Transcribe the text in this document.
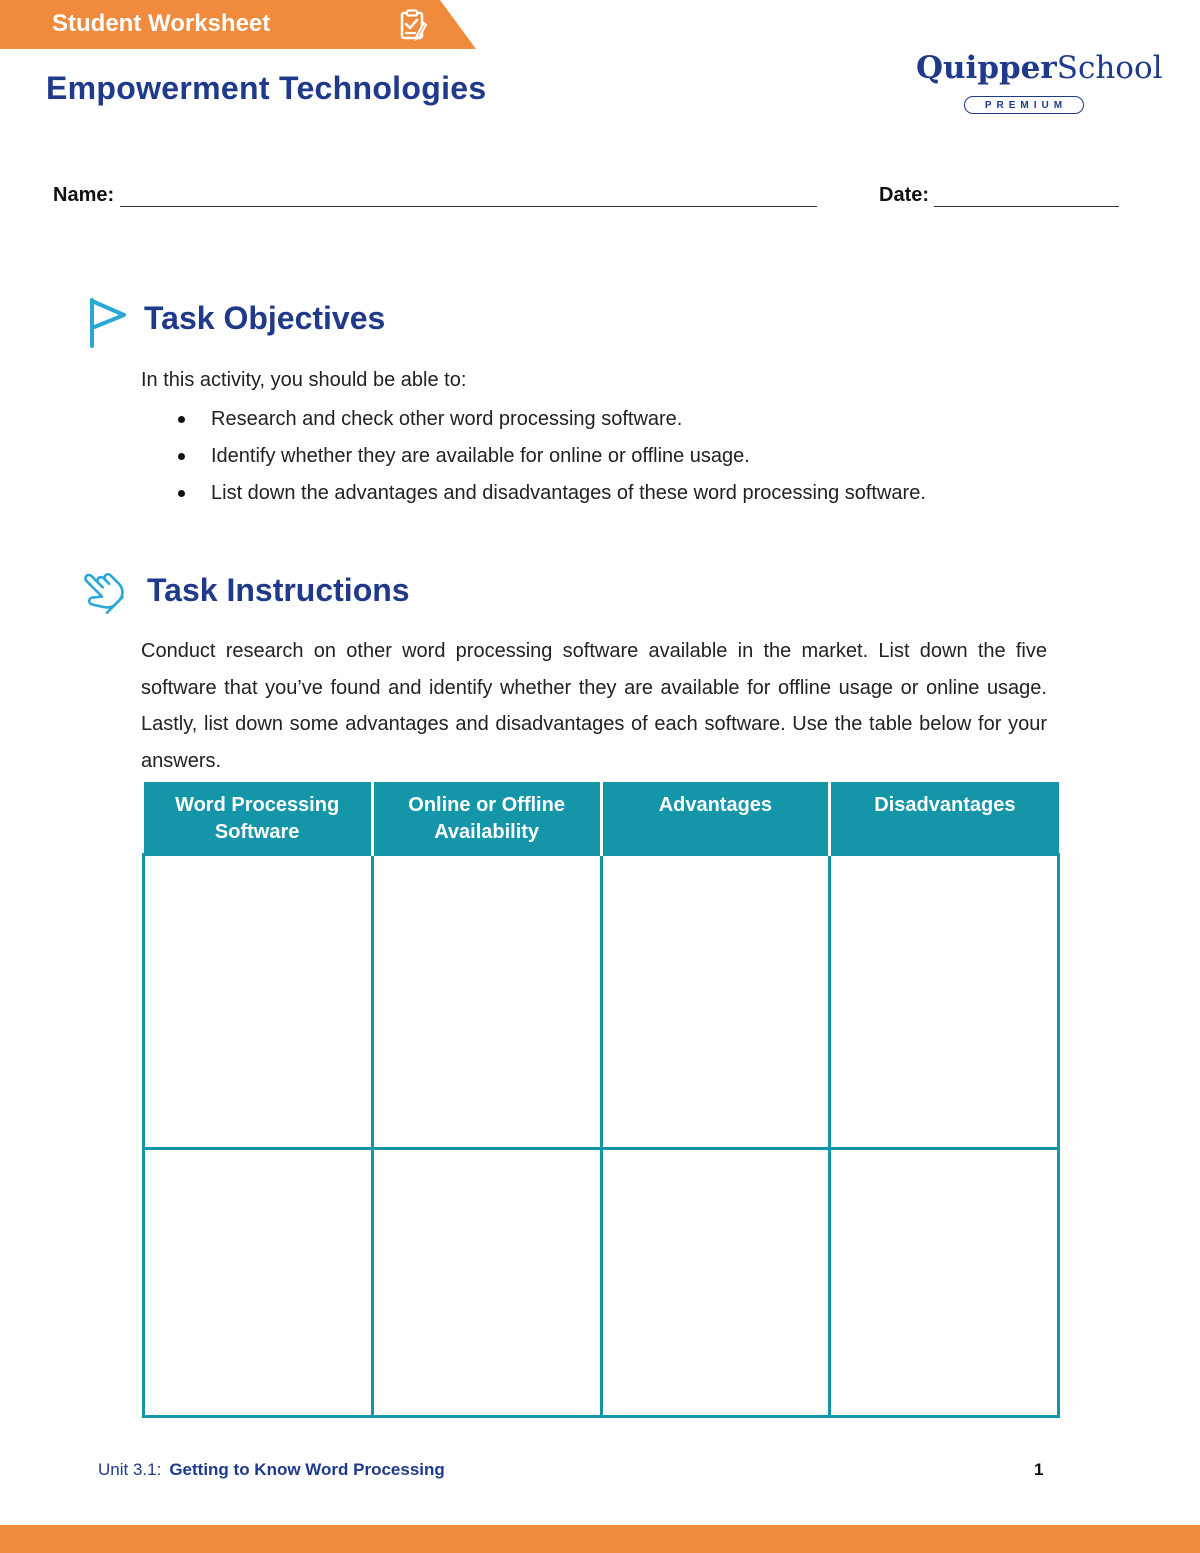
Student Worksheet
Empowerment Technologies
QuipperSchool
PREMIUM
Name:	Date:
Task Objectives
In this activity, you should be able to:
Research and check other word processing software.
Identify whether they are available for online or offline usage.
List down the advantages and disadvantages of these word processing software.
Task Instructions

Conduct research on other word processing software available in the market. List down the five software that you’ve found and identify whether they are available for offline usage or online usage. Lastly, list down some advantages and disadvantages of each software. Use the table below for your answers.

Word Processing Software	Online or Offline Availability	Advantages	Disadvantages

Unit 3.1: Getting to Know Word Processing	1
